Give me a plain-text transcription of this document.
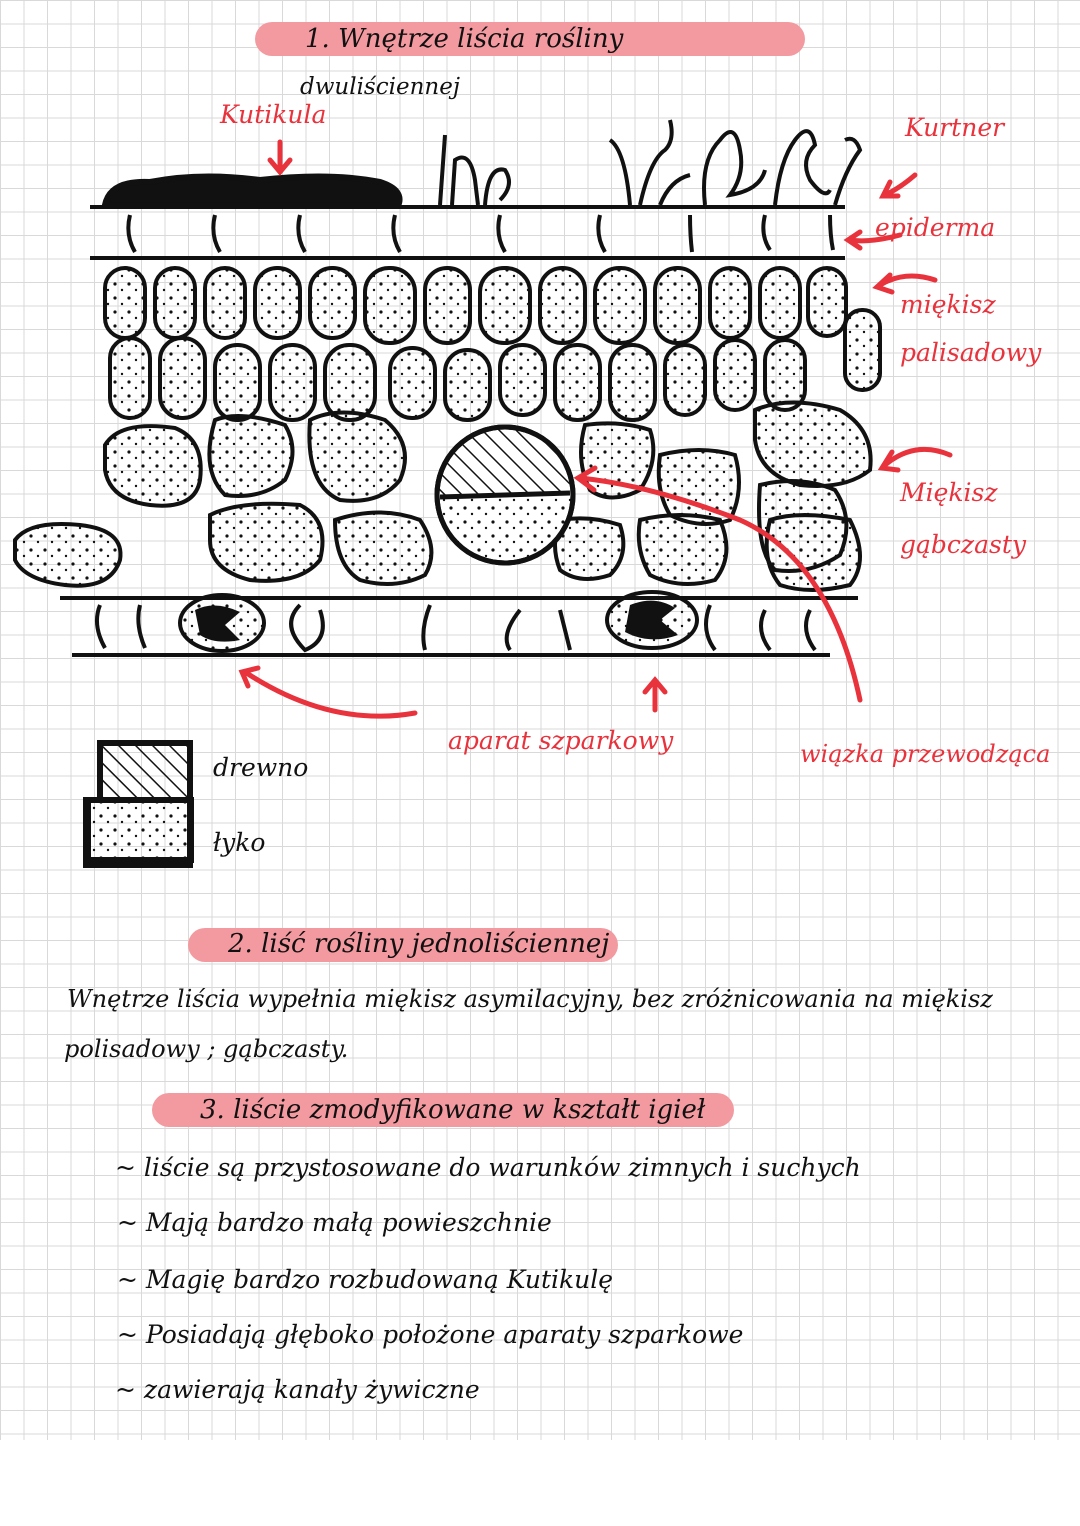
1. Wnętrze liścia rośliny
dwuliściennej
Kutikula	Kurtner
epiderma
miękisz
palisadowy
Miękisz
gąbczasty
aparat szparkowy	wiązka przewodząca
drewno
łyko
2. liść rośliny jednoliściennej
Wnętrze liścia wypełnia miękisz asymilacyjny, bez zróżnicowania na miękisz
polisadowy ; gąbczasty.
3. liście zmodyfikowane w kształt igieł
~ liście są przystosowane do warunków zimnych i suchych
~ Mają bardzo małą powieszchnie
~ Magię bardzo rozbudowaną Kutikulę
~ Posiadają głęboko położone aparaty szparkowe
~ zawierają kanały żywiczne
